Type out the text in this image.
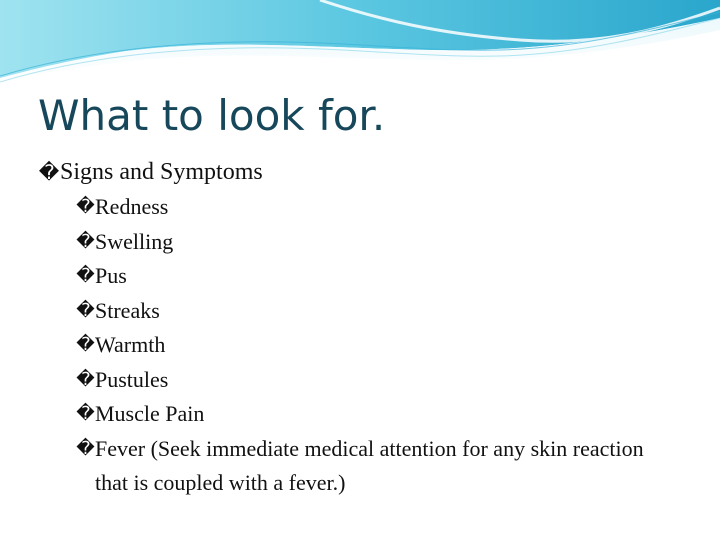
What to look for.
� Signs and Symptoms
� Redness
� Swelling
� Pus
� Streaks
� Warmth
� Pustules
� Muscle Pain
� Fever (Seek immediate medical attention for any skin reaction that is coupled with a fever.)
